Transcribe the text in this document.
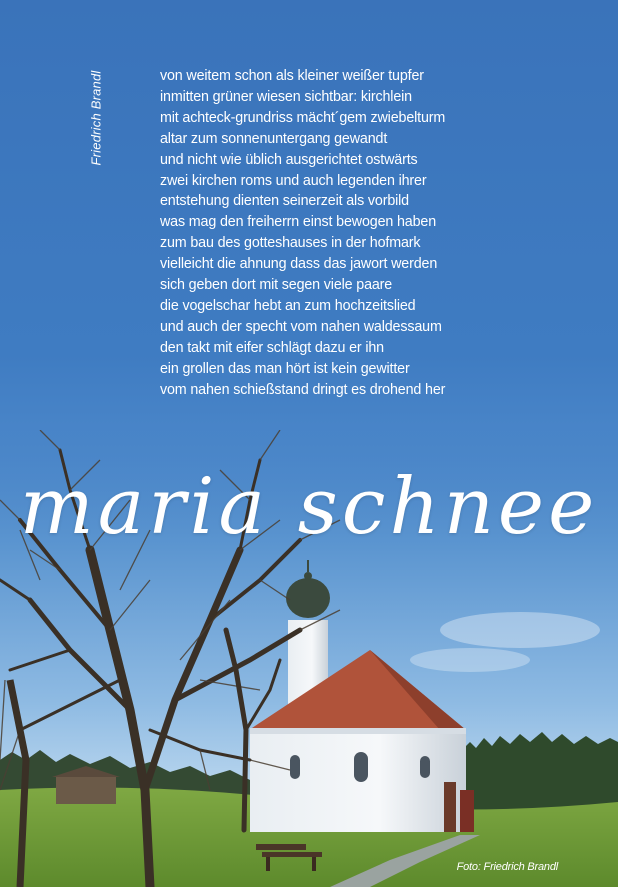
Friedrich Brandl	von weitem schon als kleiner weißer tupfer
inmitten grüner wiesen sichtbar: kirchlein
mit achteck-grundriss mächt´gem zwiebelturm
altar zum sonnenuntergang gewandt
und nicht wie üblich ausgerichtet ostwärts
zwei kirchen roms und auch legenden ihrer
entstehung dienten seinerzeit als vorbild
was mag den freiherrn einst bewogen haben
zum bau des gotteshauses in der hofmark
vielleicht die ahnung dass das jawort werden
sich geben dort mit segen viele paare
die vogelschar hebt an zum hochzeitslied
und auch der specht vom nahen waldessaum
den takt mit eifer schlägt dazu er ihn
ein grollen das man hört ist kein gewitter
vom nahen schießstand dringt es drohend her
maria schnee
Foto: Friedrich Brandl
